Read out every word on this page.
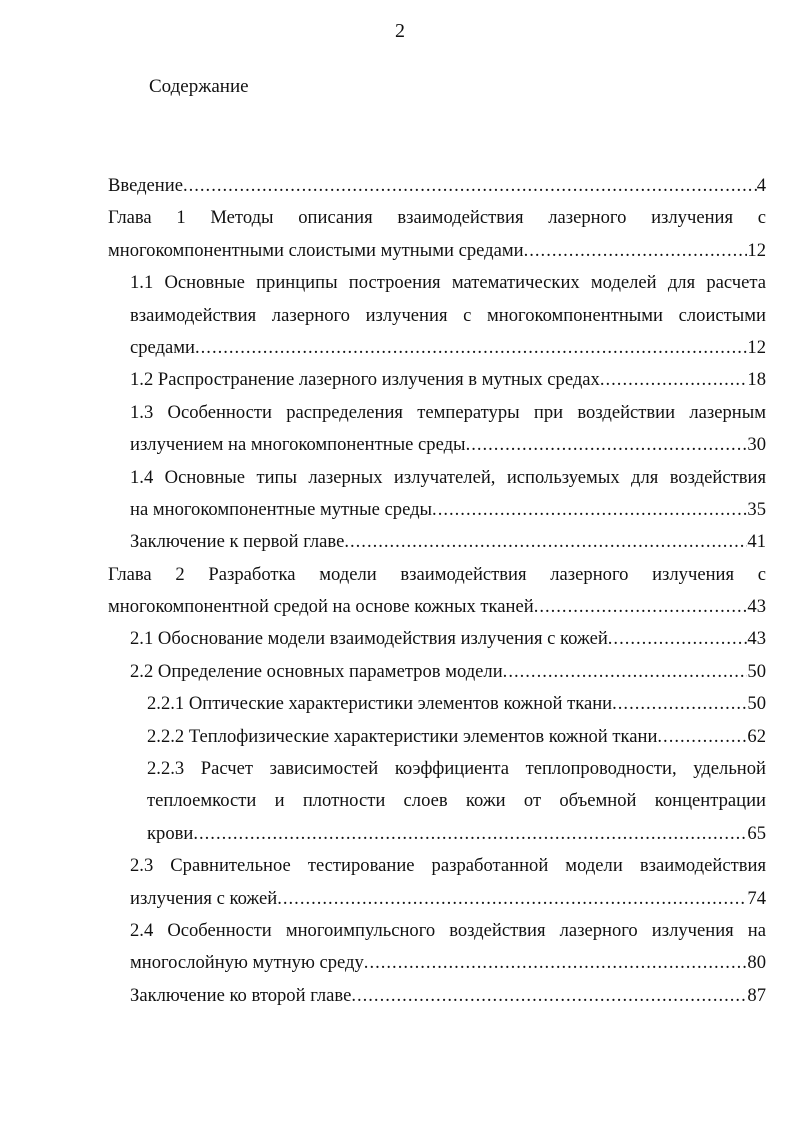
2
Содержание
Введение .....	4
Глава 1 Методы описания взаимодействия лазерного излучения с
многокомпонентными слоистыми мутными средами .....	12
1.1 Основные принципы построения математических моделей для расчета
взаимодействия лазерного излучения с многокомпонентными слоистыми
средами .....	12
1.2 Распространение лазерного излучения в мутных средах .....	18
1.3 Особенности распределения температуры при воздействии лазерным
излучением на многокомпонентные среды .....	30
1.4 Основные типы лазерных излучателей, используемых для воздействия
на многокомпонентные мутные среды .....	35
Заключение к первой главе .....	41
Глава 2 Разработка модели взаимодействия лазерного излучения с
многокомпонентной средой на основе кожных тканей .....	43
2.1 Обоснование модели взаимодействия излучения с кожей .....	43
2.2 Определение основных параметров модели .....	50
2.2.1 Оптические характеристики элементов кожной ткани .....	50
2.2.2 Теплофизические характеристики элементов кожной ткани .....	62
2.2.3 Расчет зависимостей коэффициента теплопроводности, удельной
теплоемкости и плотности слоев кожи от объемной концентрации
крови .....	65
2.3 Сравнительное тестирование разработанной модели взаимодействия
излучения с кожей .....	74
2.4 Особенности многоимпульсного воздействия лазерного излучения на
многослойную мутную среду .....	80
Заключение ко второй главе .....	87
